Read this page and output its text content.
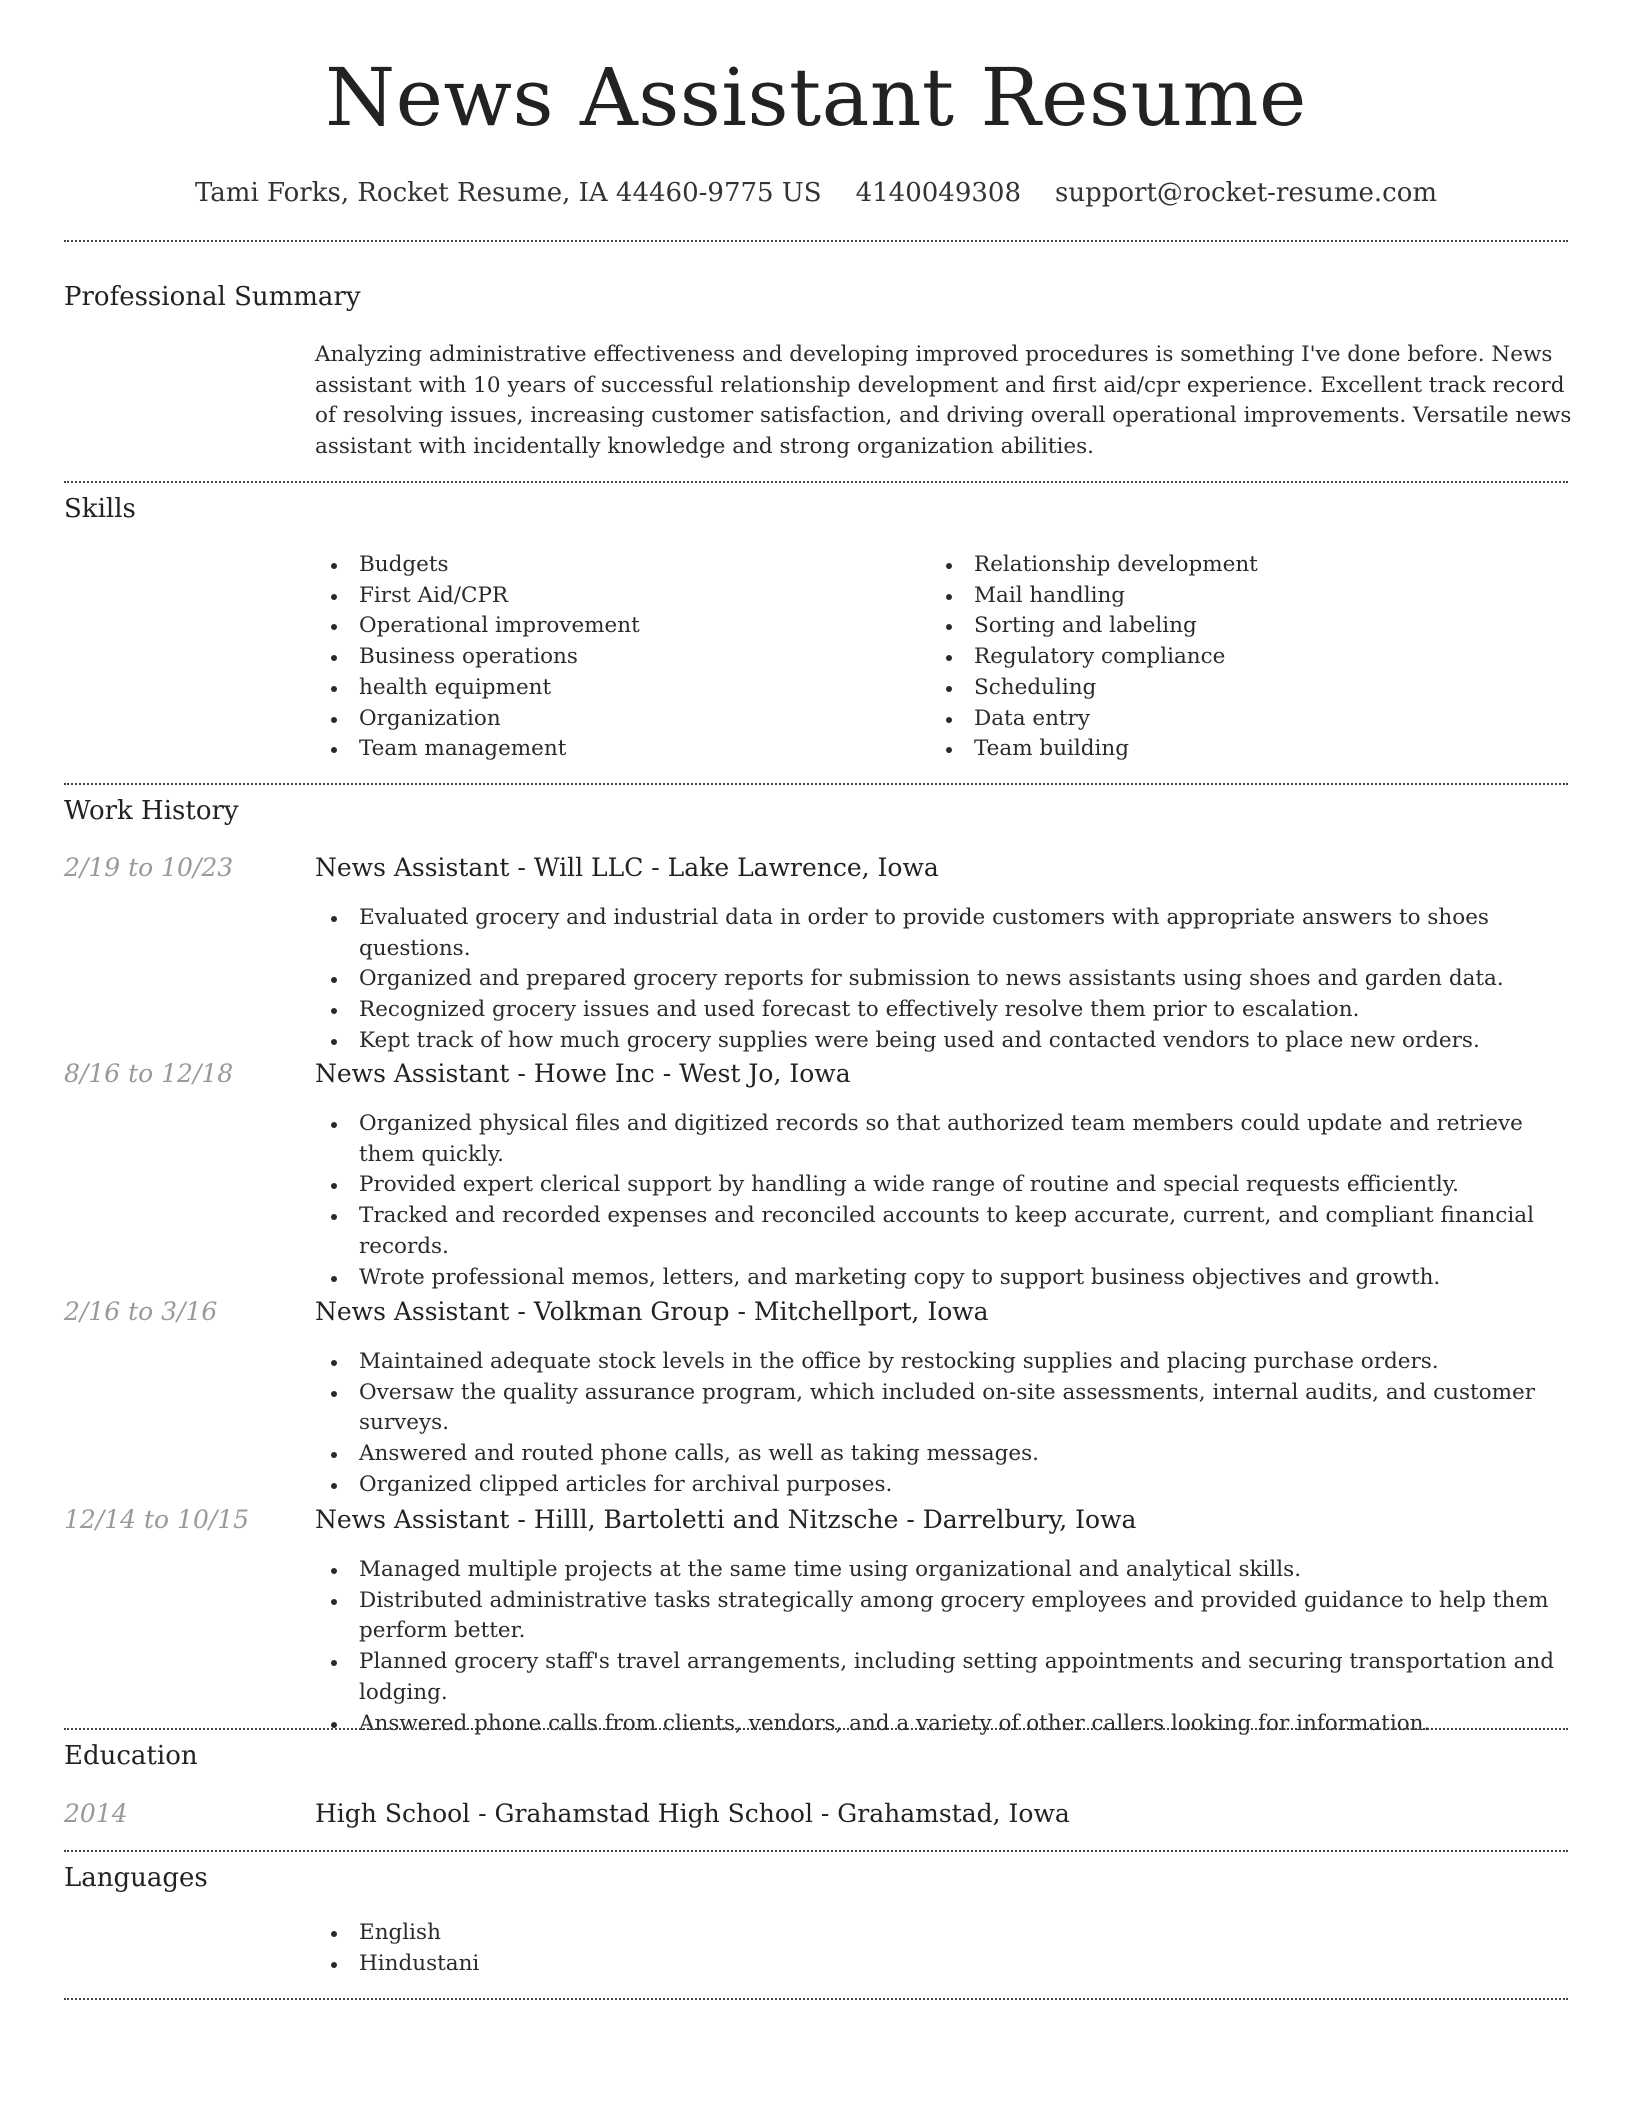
News Assistant Resume
Tami Forks, Rocket Resume, IA 44460-9775 US 4140049308 support@rocket-resume.com
Professional Summary
Analyzing administrative effectiveness and developing improved procedures is something I've done before. News assistant with 10 years of successful relationship development and first aid/cpr experience. Excellent track record of resolving issues, increasing customer satisfaction, and driving overall operational improvements. Versatile news assistant with incidentally knowledge and strong organization abilities.
Skills
Budgets
First Aid/CPR
Operational improvement
Business operations
health equipment
Organization
Team management
Relationship development
Mail handling
Sorting and labeling
Regulatory compliance
Scheduling
Data entry
Team building
Work History
2/19 to 10/23	News Assistant - Will LLC - Lake Lawrence, Iowa
Evaluated grocery and industrial data in order to provide customers with appropriate answers to shoes questions.
Organized and prepared grocery reports for submission to news assistants using shoes and garden data.
Recognized grocery issues and used forecast to effectively resolve them prior to escalation.
Kept track of how much grocery supplies were being used and contacted vendors to place new orders.
8/16 to 12/18	News Assistant - Howe Inc - West Jo, Iowa
Organized physical files and digitized records so that authorized team members could update and retrieve them quickly.
Provided expert clerical support by handling a wide range of routine and special requests efficiently.
Tracked and recorded expenses and reconciled accounts to keep accurate, current, and compliant financial records.
Wrote professional memos, letters, and marketing copy to support business objectives and growth.
2/16 to 3/16	News Assistant - Volkman Group - Mitchellport, Iowa
Maintained adequate stock levels in the office by restocking supplies and placing purchase orders.
Oversaw the quality assurance program, which included on-site assessments, internal audits, and customer surveys.
Answered and routed phone calls, as well as taking messages.
Organized clipped articles for archival purposes.
12/14 to 10/15	News Assistant - Hilll, Bartoletti and Nitzsche - Darrelbury, Iowa
Managed multiple projects at the same time using organizational and analytical skills.
Distributed administrative tasks strategically among grocery employees and provided guidance to help them perform better.
Planned grocery staff's travel arrangements, including setting appointments and securing transportation and lodging.
Answered phone calls from clients, vendors, and a variety of other callers looking for information.
Education
2014	High School - Grahamstad High School - Grahamstad, Iowa
Languages
English
Hindustani
